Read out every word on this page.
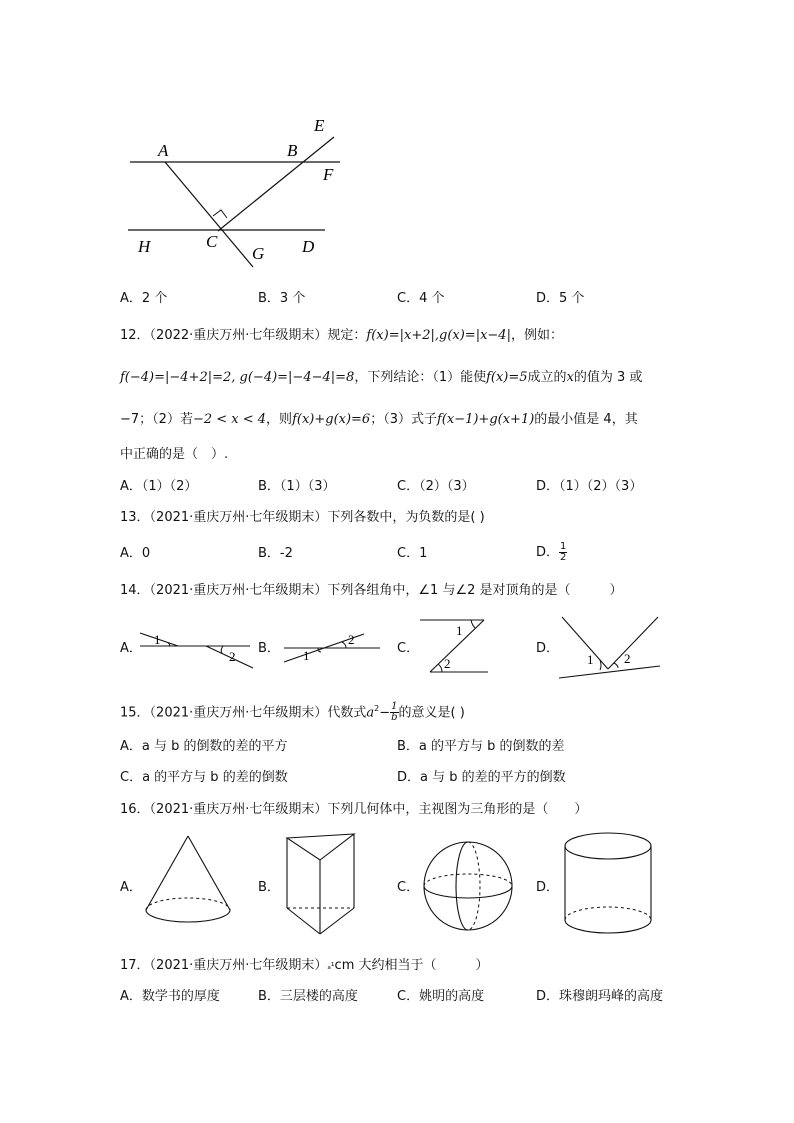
A	B
E
F
H	C
G D
A．2 个	B．3 个	C．4 个	D．5 个
12．（2022·重庆万州·七年级期末）规定：f(x)=|x+2|,g(x)=|x−4|，例如：
f(−4)=|−4+2|=2, g(−4)=|−4−4|=8，下列结论：（1）能使f(x)=5成立的x的值为 3 或
−7；（2）若−2 < x < 4，则f(x)+g(x)=6；（3）式子f(x−1)+g(x+1)的最小值是 4，其
中正确的是（　）.
A．（1）（2）	B．（1）（3）	C．（2）（3）	D．（1）（2）（3）
13．（2021·重庆万州·七年级期末）下列各数中，为负数的是( )
A．0	B．-2	C．1	D． $\frac{1}{2}$
14．（2021·重庆万州·七年级期末）下列各组角中，∠1 与∠2 是对顶角的是（　　　）
A．
1
2
B． 1
2
C．
1
2
D．
1 2
15．（2021·重庆万州·七年级期末）代数式$a^2- \frac{1}{b}$ 的意义是( )
A．a 与 b 的倒数的差的平方	B．a 的平方与 b 的倒数的差
C．a 的平方与 b 的差的倒数	D．a 与 b 的差的平方的倒数
16．（2021·重庆万州·七年级期末）下列几何体中，主视图为三角形的是（　　）
A．	B．	C．	D．
17．（2021·重庆万州·七年级期末）ₐ¹cm 大约相当于（　　　）
A．数学书的厚度	B．三层楼的高度	C．姚明的高度	D．珠穆朗玛峰的高度
